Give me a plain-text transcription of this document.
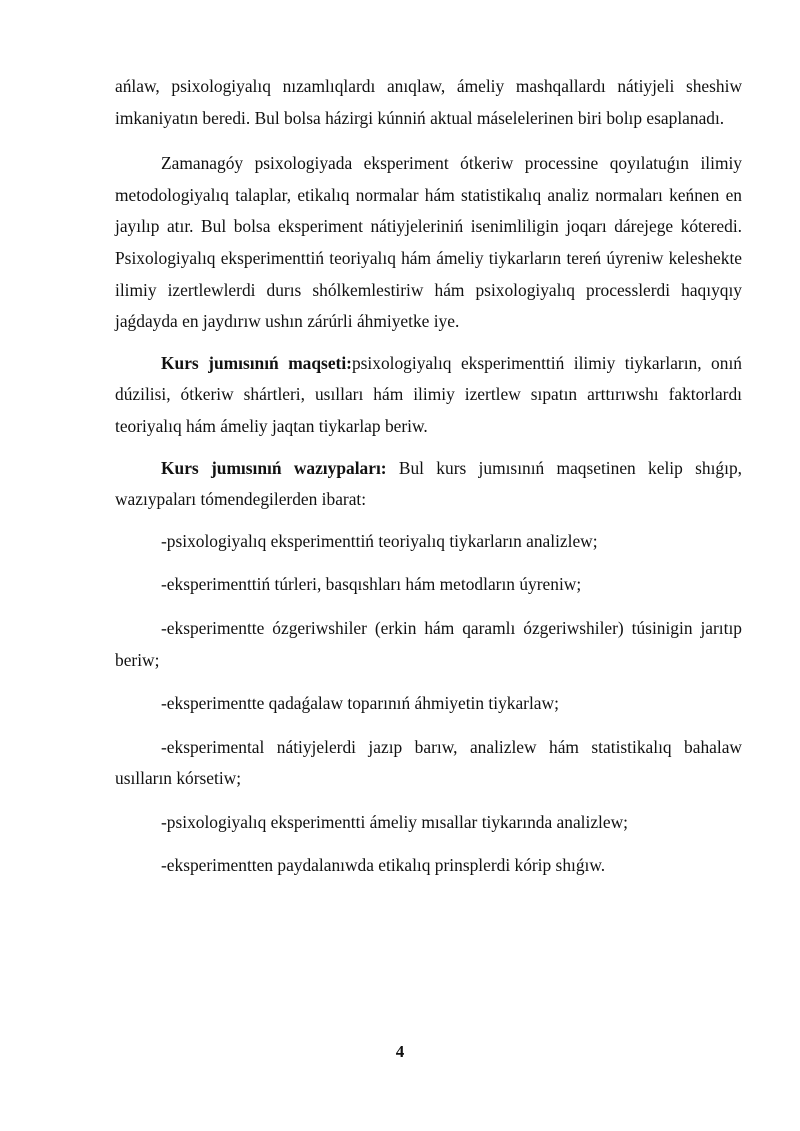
ańlaw, psixologiyalıq nızamlıqlardı anıqlaw, ámeliy mashqallardı nátiyjeli sheshiw imkaniyatın beredi. Bul bolsa házirgi kúnniń aktual máselelerinen biri bolıp esaplanadı.

Zamanagóy psixologiyada eksperiment ótkeriw processine qoyılatuǵın ilimiy metodologiyalıq talaplar, etikalıq normalar hám statistikalıq analiz normaları keńnen en jayılıp atır. Bul bolsa eksperiment nátiyjeleriniń isenimliligin joqarı dárejege kóteredi. Psixologiyalıq eksperimenttiń teoriyalıq hám ámeliy tiykarların tereń úyreniw keleshekte ilimiy izertlewlerdi durıs shólkemlestiriw hám psixologiyalıq processlerdi haqıyqıy jaǵdayda en jaydırıw ushın zárúrli áhmiyetke iye.

Kurs jumısınıń maqseti:psixologiyalıq eksperimenttiń ilimiy tiykarların, onıń dúzilisi, ótkeriw shártleri, usılları hám ilimiy izertlew sıpatın arttırıwshı faktorlardı teoriyalıq hám ámeliy jaqtan tiykarlap beriw.

Kurs jumısınıń wazıypaları: Bul kurs jumısınıń maqsetinen kelip shıǵıp, wazıypaları tómendegilerden ibarat:

-psixologiyalıq eksperimenttiń teoriyalıq tiykarların analizlew;

-eksperimenttiń túrleri, basqıshları hám metodların úyreniw;

-eksperimentte ózgeriwshiler (erkin hám qaramlı ózgeriwshiler) túsinigin jarıtıp beriw;

-eksperimentte qadaǵalaw toparınıń áhmiyetin tiykarlaw;

-eksperimental nátiyjelerdi jazıp barıw, analizlew hám statistikalıq bahalaw usılların kórsetiw;

-psixologiyalıq eksperimentti ámeliy mısallar tiykarında analizlew;

-eksperimentten paydalanıwda etikalıq prinsplerdi kórip shıǵıw.

4
